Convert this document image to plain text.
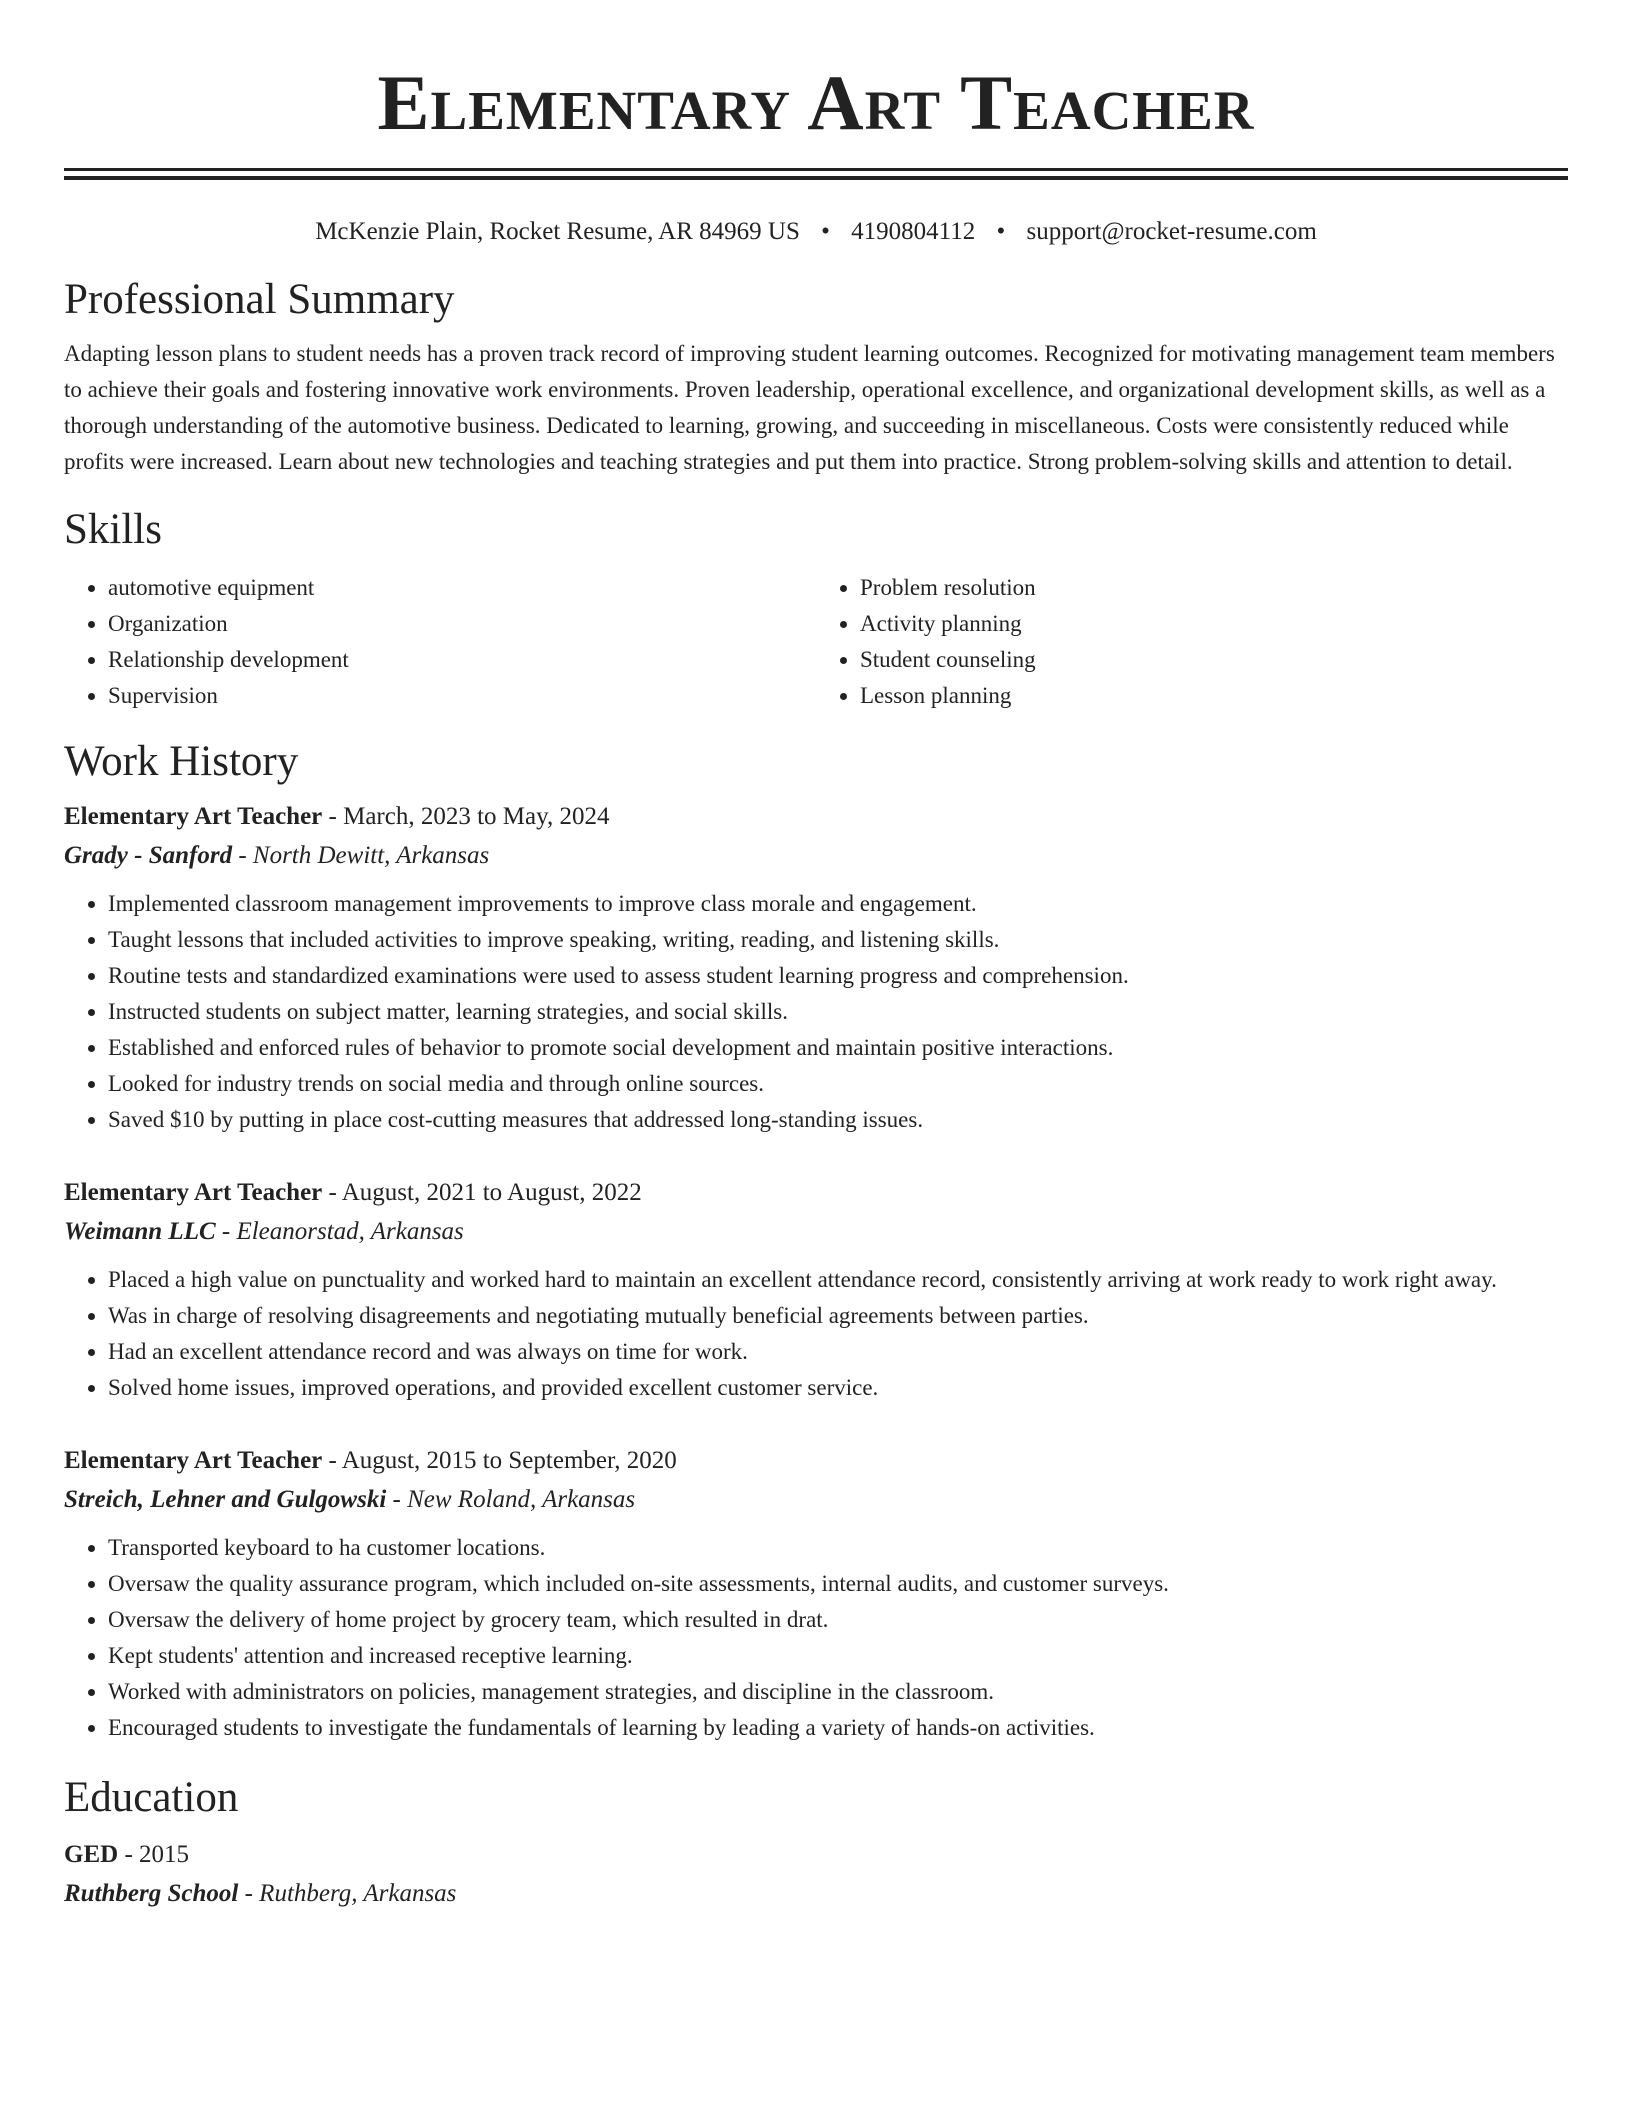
Elementary Art Teacher
McKenzie Plain, Rocket Resume, AR 84969 US • 4190804112 • support@rocket-resume.com
Professional Summary

Adapting lesson plans to student needs has a proven track record of improving student learning outcomes. Recognized for motivating management team members to achieve their goals and fostering innovative work environments. Proven leadership, operational excellence, and organizational development skills, as well as a thorough understanding of the automotive business. Dedicated to learning, growing, and succeeding in miscellaneous. Costs were consistently reduced while profits were increased. Learn about new technologies and teaching strategies and put them into practice. Strong problem-solving skills and attention to detail.

Skills
• automotive equipment
• Organization
• Relationship development
• Supervision
• Problem resolution
• Activity planning
• Student counseling
• Lesson planning
Work History
Elementary Art Teacher - March, 2023 to May, 2024
Grady - Sanford - North Dewitt, Arkansas
• Implemented classroom management improvements to improve class morale and engagement.
• Taught lessons that included activities to improve speaking, writing, reading, and listening skills.
• Routine tests and standardized examinations were used to assess student learning progress and comprehension.
• Instructed students on subject matter, learning strategies, and social skills.
• Established and enforced rules of behavior to promote social development and maintain positive interactions.
• Looked for industry trends on social media and through online sources.
• Saved $10 by putting in place cost-cutting measures that addressed long-standing issues.
Elementary Art Teacher - August, 2021 to August, 2022
Weimann LLC - Eleanorstad, Arkansas
• Placed a high value on punctuality and worked hard to maintain an excellent attendance record, consistently arriving at work ready to work right away.
• Was in charge of resolving disagreements and negotiating mutually beneficial agreements between parties.
• Had an excellent attendance record and was always on time for work.
• Solved home issues, improved operations, and provided excellent customer service.
Elementary Art Teacher - August, 2015 to September, 2020
Streich, Lehner and Gulgowski - New Roland, Arkansas
• Transported keyboard to ha customer locations.
• Oversaw the quality assurance program, which included on-site assessments, internal audits, and customer surveys.
• Oversaw the delivery of home project by grocery team, which resulted in drat.
• Kept students' attention and increased receptive learning.
• Worked with administrators on policies, management strategies, and discipline in the classroom.
• Encouraged students to investigate the fundamentals of learning by leading a variety of hands-on activities.
Education
GED - 2015
Ruthberg School - Ruthberg, Arkansas
